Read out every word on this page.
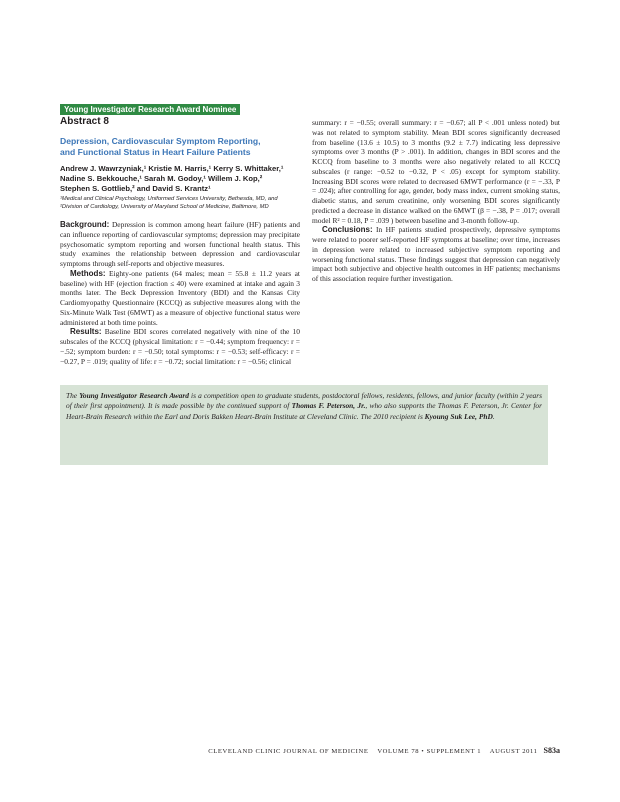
Young Investigator Research Award Nominee
Abstract 8

Depression, Cardiovascular Symptom Reporting,
and Functional Status in Heart Failure Patients

Andrew J. Wawrzyniak,¹ Kristie M. Harris,¹ Kerry S. Whittaker,¹
Nadine S. Bekkouche,¹ Sarah M. Godoy,¹ Willem J. Kop,²
Stephen S. Gottlieb,² and David S. Krantz¹

¹Medical and Clinical Psychology, Uniformed Services University, Bethesda, MD, and
²Division of Cardiology, University of Maryland School of Medicine, Baltimore, MD

Background: Depression is common among heart failure (HF) patients and can influence reporting of cardiovascular symptoms; depression may precipitate psychosomatic symptom reporting and worsen functional health status. This study examines the relationship between depression and cardiovascular symptoms through self-reports and objective measures.

Methods: Eighty-one patients (64 males; mean = 55.8 ± 11.2 years at baseline) with HF (ejection fraction ≤ 40) were examined at intake and again 3 months later. The Beck Depression Inventory (BDI) and the Kansas City Cardiomyopathy Questionnaire (KCCQ) as subjective measures along with the Six-Minute Walk Test (6MWT) as a measure of objective functional status were administered at both time points.

Results: Baseline BDI scores correlated negatively with nine of the 10 subscales of the KCCQ (physical limitation: r = −0.44; symptom frequency: r = −.52; symptom burden: r = −0.50; total symptoms: r = −0.53; self-efficacy: r = −0.27, P = .019; quality of life: r = −0.72; social limitation: r = −0.56; clinical

summary: r = −0.55; overall summary: r = −0.67; all P < .001 unless noted) but was not related to symptom stability. Mean BDI scores significantly decreased from baseline (13.6 ± 10.5) to 3 months (9.2 ± 7.7) indicating less depressive symptoms over 3 months (P > .001). In addition, changes in BDI scores and the KCCQ from baseline to 3 months were also negatively related to all KCCQ subscales (r range: −0.52 to −0.32, P < .05) except for symptom stability. Increasing BDI scores were related to decreased 6MWT performance (r = −.33, P = .024); after controlling for age, gender, body mass index, current smoking status, diabetic status, and serum creatinine, only worsening BDI scores significantly predicted a decrease in distance walked on the 6MWT (β = −.38, P = .017; overall model R² = 0.18, P = .039 ) between baseline and 3-month follow-up.

Conclusions: In HF patients studied prospectively, depressive symptoms were related to poorer self-reported HF symptoms at baseline; over time, increases in depression were related to increased subjective symptom reporting and worsening functional status. These findings suggest that depression can negatively impact both subjective and objective health outcomes in HF patients; mechanisms of this association require further investigation.

The Young Investigator Research Award is a competition open to graduate students, postdoctoral fellows, residents, fellows, and junior faculty (within 2 years of their first appointment). It is made possible by the continued support of Thomas F. Peterson, Jr., who also supports the Thomas F. Peterson, Jr. Center for Heart-Brain Research within the Earl and Doris Bakken Heart-Brain Institute at Cleveland Clinic. The 2010 recipient is Kyoung Suk Lee, PhD.

CLEVELAND CLINIC JOURNAL OF MEDICINE    VOLUME 78 • SUPPLEMENT 1    AUGUST 2011 S83a
